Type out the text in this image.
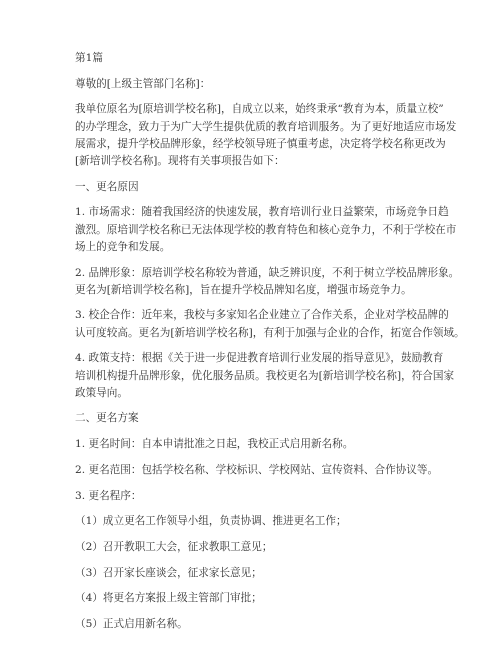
第1篇

尊敬的[上级主管部门名称]：

我单位原名为[原培训学校名称]，自成立以来，始终秉承“教育为本，质量立校”

的办学理念，致力于为广大学生提供优质的教育培训服务。为了更好地适应市场发

展需求，提升学校品牌形象，经学校领导班子慎重考虑，决定将学校名称更改为

[新培训学校名称]。现将有关事项报告如下：

一、更名原因

1. 市场需求：随着我国经济的快速发展，教育培训行业日益繁荣，市场竞争日趋

激烈。原培训学校名称已无法体现学校的教育特色和核心竞争力，不利于学校在市

场上的竞争和发展。

2. 品牌形象：原培训学校名称较为普通，缺乏辨识度，不利于树立学校品牌形象。

更名为[新培训学校名称]，旨在提升学校品牌知名度，增强市场竞争力。

3. 校企合作：近年来，我校与多家知名企业建立了合作关系，企业对学校品牌的

认可度较高。更名为[新培训学校名称]，有利于加强与企业的合作，拓宽合作领域。

4. 政策支持：根据《关于进一步促进教育培训行业发展的指导意见》，鼓励教育

培训机构提升品牌形象，优化服务品质。我校更名为[新培训学校名称]，符合国家

政策导向。

二、更名方案

1. 更名时间：自本申请批准之日起，我校正式启用新名称。

2. 更名范围：包括学校名称、学校标识、学校网站、宣传资料、合作协议等。

3. 更名程序：

（1）成立更名工作领导小组，负责协调、推进更名工作；

（2）召开教职工大会，征求教职工意见；

（3）召开家长座谈会，征求家长意见；

（4）将更名方案报上级主管部门审批；

（5）正式启用新名称。
